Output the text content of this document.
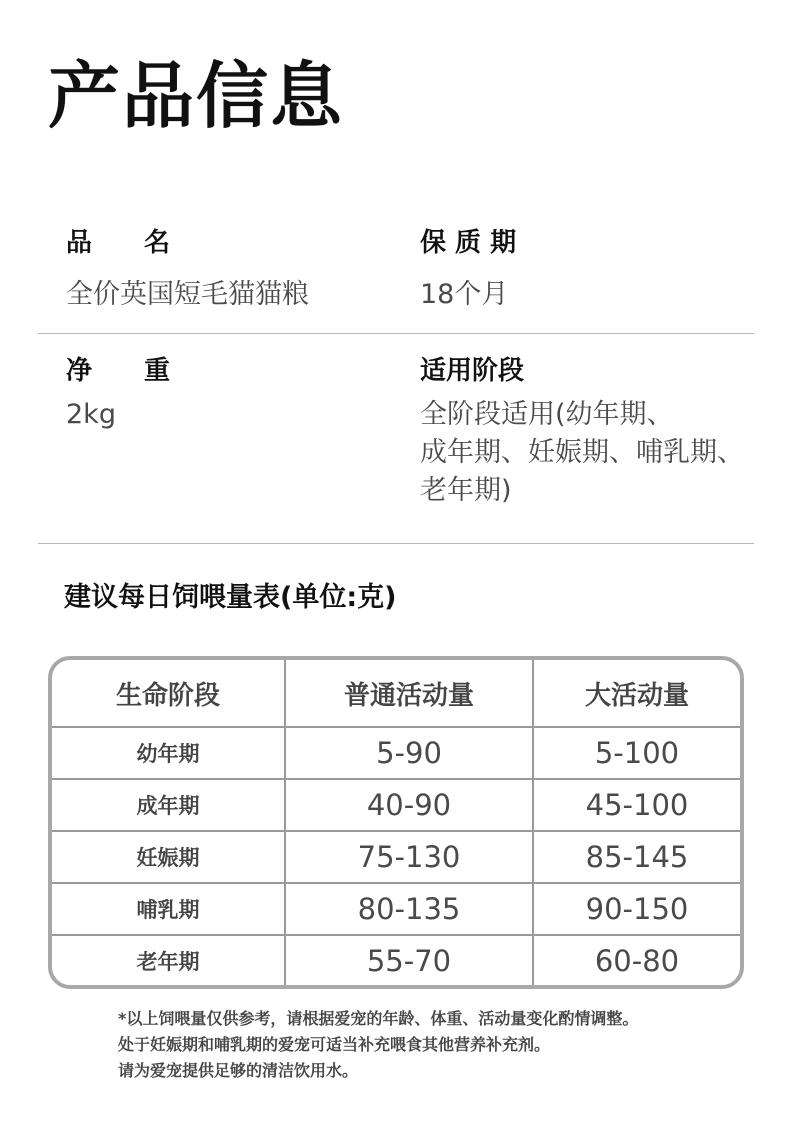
产品信息
品　　名
全价英国短毛猫猫粮
保 质 期
18个月
净　　重
2kg
适用阶段
全阶段适用(幼年期、
成年期、妊娠期、哺乳期、
老年期)
建议每日饲喂量表(单位:克)
生命阶段	普通活动量	大活动量
幼年期	5-90	5-100
成年期	40-90	45-100
妊娠期	75-130	85-145
哺乳期	80-135	90-150
老年期	55-70	60-80
*以上饲喂量仅供参考，请根据爱宠的年龄、体重、活动量变化酌情调整。
处于妊娠期和哺乳期的爱宠可适当补充喂食其他营养补充剂。
请为爱宠提供足够的清洁饮用水。
